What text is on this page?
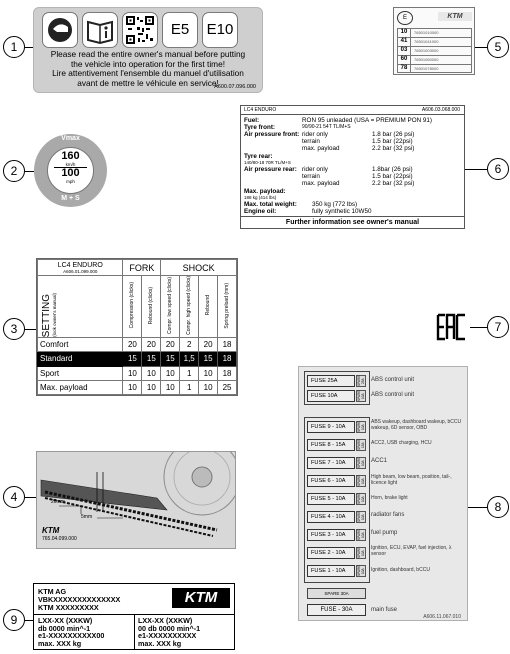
1
E5	E10
Please read the entire owner's manual before putting
the vehicle into operation for the first time!
Lire attentivement l'ensemble du manuel d'utilisation
avant de mettre le véhicule en service!
A600.07.096.000
2
Vmax
160
km/h
100
mph
M + S
3
LC4 ENDURO
A606.01.099.000	FORK		SHOCK			

SETTING (look owner's manual)	Compression (clicks)	Rebound (clicks)	Compr. low speed (clicks)	Compr. high speed (clicks)	Rebound	Spring preload (mm)
Comfort	20	20	20	2	20	18
Standard	15	15	15	1,5	15	18
Sport	10	10	10	1	10	18
Max. payload	10	10	10	1	10	25
4	20mm
5mm
KTM
765.04.099.000
5
E	KTM
10	76501010000
41	76501041000
03	76501003000
60	76501060000
78	76501078000
6
LC4 ENDURO	A606.03.068.000
Fuel:	RON 95 unleaded (USA = PREMIUM PON 91)
Tyre front:	90/90-21 54T TL/M+S
Air pressure front: rider only	1.8 bar (26 psi)
terrain	1.5 bar (22psi)
max. payload	2.2 bar (32 psi)
Tyre rear:
140/80-18 70R TL/M+S
Air pressure rear: rider only	1.8bar (26 psi)
terrain	1.5 bar (22psi)
max. payload	2.2 bar (32 psi)
Max. payload:
188 kg (414 lbs)
Max. total weight: 350 kg (772 lbs)
Engine oil:	fully synthetic 10W50
Further information see owner's manual
7
8
FUSE 25A	SPARE 25A ABS control unit
FUSE 10A	SPARE 10A ABS control unit
FUSE 9 - 10A	SPARE 10A
ABS wakeup, dashboard wakeup, bCCU wakeup, 6D sensor, OBD
FUSE 8 - 15A	SPARE 15A ACC2, USB charging, HCU
FUSE 7 - 10A	SPARE 10A ACC1
FUSE 6 - 10A	SPARE 10A
High beam, low beam, position, tail-, licence light
FUSE 5 - 10A	SPARE 10A Horn, brake light
FUSE 4 - 10A	SPARE 10A radiator fans
FUSE 3 - 10A	SPARE 10A fuel pump
FUSE 2 - 10A	SPARE 10A
Ignition, ECU, EVAP, fuel injection, λ sensor
FUSE 1 - 10A	SPARE 10A Ignition, dashboard, bCCU
SPARE 30A
FUSE - 30A	main fuse
A606.11.067.010
9
KTM AG
VBKXXXXXXXXXXXXXX
KTM XXXXXXXXX
KTM
LXX-XX (XXKW)
db 0000 min^-1
e1-XXXXXXXXXX00
max. XXX kg
LXX-XX (XXKW)
00 db 0000 min^-1
e1-XXXXXXXXXX
max. XXX kg
